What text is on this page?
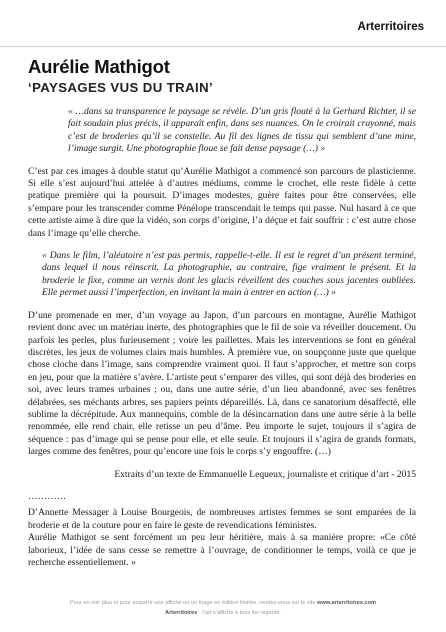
Arterritoires
Aurélie Mathigot
‘PAYSAGES VUS DU TRAIN’

« …dans sa transparence le paysage se révèle. D’un gris flouté à la Gerhard Richter, il se fait soudain plus précis, il apparaît enfin, dans ses nuances. On le croirait crayonné, mais c’est de broderies qu’il se constelle. Au fil des lignes de tissu qui semblent d’une mine, l’image surgit. Une photographie floue se fait dense paysage (…) »

C’est par ces images à double statut qu’Aurélie Mathigot a commencé son parcours de plasticienne. Si elle s’est aujourd’hui attelée à d’autres médiums, comme le crochet, elle reste fidèle à cette pratique première qui la poursuit. D’images modestes, guère faites pour être conservées, elle s’empare pour les transcender comme Pénélope transcendait le temps qui passe. Nul hasard à ce que cette artiste aime à dire que la vidéo, son corps d’origine, l’a déçue et fait souffrir : c’est autre chose dans l’image qu’elle cherche.

« Dans le film, l’aléatoire n’est pas permis, rappelle-t-elle. Il est le regret d’un présent terminé, dans lequel il nous réinscrit. La photographie, au contraire, fige vraiment le présent. Et la broderie le fixe, comme un vernis dont les glacis réveillent des couches sous jacentes oubliées. Elle permet aussi l’imperfection, en invitant la main à entrer en action (…) »

D’une promenade en mer, d’un voyage au Japon, d’un parcours en montagne, Aurélie Mathigot revient donc avec un matériau inerte, des photographies que le fil de soie va réveiller doucement. Ou parfois les perles, plus furieusement ; voire les paillettes. Mais les interventions se font en général discrètes, les jeux de volumes clairs mais humbles. À première vue, on soupçonne juste que quelque chose cloche dans l’image, sans comprendre vraiment quoi. Il faut s’approcher, et mettre son corps en jeu, pour que la matière s’avère. L’artiste peut s’emparer des villes, qui sont déjà des broderies en soi, avec leurs trames urbaines ; ou, dans une autre série, d’un lieu abandonné, avec ses fenêtres délabrées, ses méchants arbres, ses papiers peints dépareillés. Là, dans ce sanatorium désaffecté, elle sublime la décrépitude. Aux mannequins, comble de la désincarnation dans une autre série à la belle renommée, elle rend chair, elle retisse un peu d’âme. Peu importe le sujet, toujours il s’agira de séquence : pas d’image qui se pense pour elle, et elle seule. Et toujours il s’agira de grands formats, larges comme des fenêtres, pour qu’encore une fois le corps s’y engouffre. (…)

Extraits d’un texte de Emmanuelle Lequeux, journaliste et critique d’art - 2015

…………

D’Annette Messager à Louise Bourgeois, de nombreuses artistes femmes se sont emparées de la broderie et de la couture pour en faire le geste de revendications féministes.

Aurélie Mathigot se sent forcément un peu leur héritière, mais à sa manière propre: «Ce côté laborieux, l’idée de sans cesse se remettre à l’ouvrage, de conditionner le temps, voilà ce que je recherche essentiellement. »

Pour en voir plus et pour acquérir une affiche ou un tirage en édition limitée, rendez-vous sur le site www.arterritoires.com
Arterritoires · l’art s’affiche à tous les regards.
